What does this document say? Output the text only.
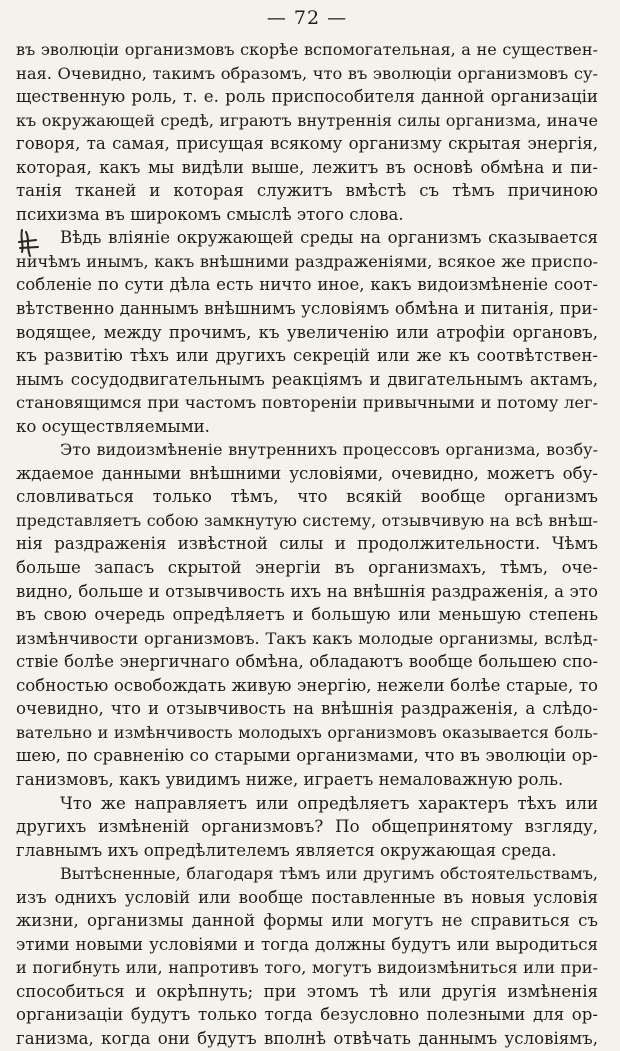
— 72 —

въ эволюціи организмовъ скорѣе вспомогательная, а не существен-
ная. Очевидно, такимъ образомъ, что въ эволюціи организмовъ су-
щественную роль, т. е. роль приспособителя данной организаціи
къ окружающей средѣ, играютъ внутреннія силы организма, иначе
говоря, та самая, присущая всякому организму скрытая энергія,
которая, какъ мы видѣли выше, лежитъ въ основѣ обмѣна и пи-
танія тканей и которая служитъ вмѣстѣ съ тѣмъ причиною
психизма въ широкомъ смыслѣ этого слова.

Вѣдь вліяніе окружающей среды на организмъ сказывается
ничѣмъ инымъ, какъ внѣшними раздраженіями, всякое же приспо-
собленіе по сути дѣла есть ничто иное, какъ видоизмѣненіе соот-
вѣтственно даннымъ внѣшнимъ условіямъ обмѣна и питанія, при-
водящее, между прочимъ, къ увеличенію или атрофіи органовъ,
къ развитію тѣхъ или другихъ секрецій или же къ соотвѣтствен-
нымъ сосудодвигательнымъ реакціямъ и двигательнымъ актамъ,
становящимся при частомъ повтореніи привычными и потому лег-
ко осуществляемыми.

Это видоизмѣненіе внутреннихъ процессовъ организма, возбу-
ждаемое данными внѣшними условіями, очевидно, можетъ обу-
словливаться только тѣмъ, что всякій вообще организмъ
представляетъ собою замкнутую систему, отзывчивую на всѣ внѣш-
нія раздраженія извѣстной силы и продолжительности. Чѣмъ
больше запасъ скрытой энергіи въ организмахъ, тѣмъ, оче-
видно, больше и отзывчивость ихъ на внѣшнія раздраженія, а это
въ свою очередь опредѣляетъ и большую или меньшую степень
измѣнчивости организмовъ. Такъ какъ молодые организмы, вслѣд-
ствіе болѣе энергичнаго обмѣна, обладаютъ вообще большею спо-
собностью освобождать живую энергію, нежели болѣе старые, то
очевидно, что и отзывчивость на внѣшнія раздраженія, а слѣдо-
вательно и измѣнчивость молодыхъ организмовъ оказывается боль-
шею, по сравненію со старыми организмами, что въ эволюціи ор-
ганизмовъ, какъ увидимъ ниже, играетъ немаловажную роль.

Что же направляетъ или опредѣляетъ характеръ тѣхъ или
другихъ измѣненій организмовъ? По общепринятому взгляду,
главнымъ ихъ опредѣлителемъ является окружающая среда.

Вытѣсненные, благодаря тѣмъ или другимъ обстоятельствамъ,
изъ однихъ условій или вообще поставленные въ новыя условія
жизни, организмы данной формы или могутъ не справиться съ
этими новыми условіями и тогда должны будутъ или выродиться
и погибнуть или, напротивъ того, могутъ видоизмѣниться или при-
способиться и окрѣпнуть; при этомъ тѣ или другія измѣненія
организаціи будутъ только тогда безусловно полезными для ор-
ганизма, когда они будутъ вполнѣ отвѣчать даннымъ условіямъ,
